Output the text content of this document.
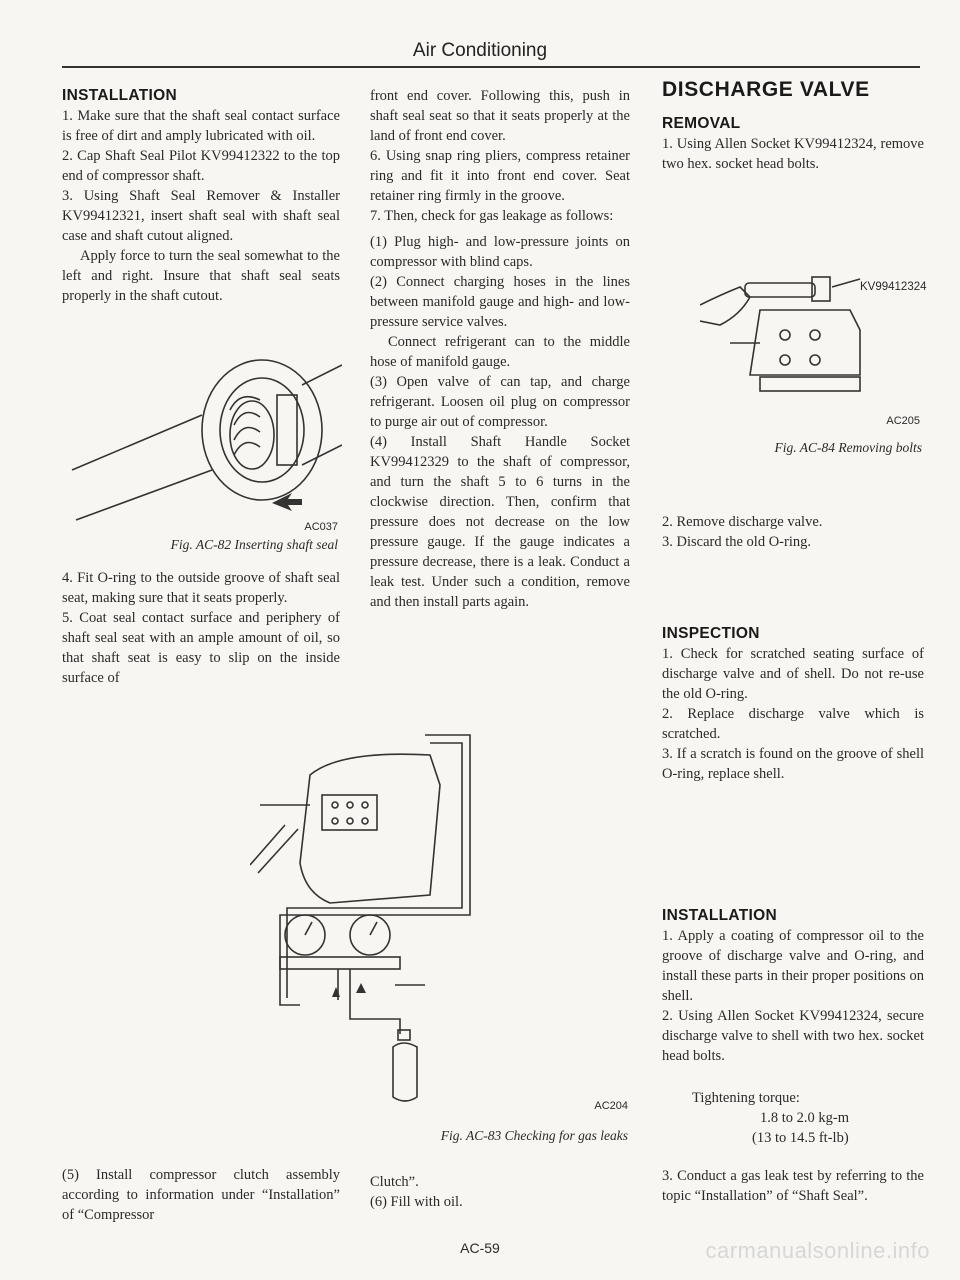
Air Conditioning

INSTALLATION

1. Make sure that the shaft seal contact surface is free of dirt and amply lubricated with oil.

2. Cap Shaft Seal Pilot KV99412322 to the top end of compressor shaft.

3. Using Shaft Seal Remover & Installer KV99412321, insert shaft seal with shaft seal case and shaft cutout aligned.

Apply force to turn the seal somewhat to the left and right. Insure that shaft seal seats properly in the shaft cutout.

AC037
Fig. AC-82 Inserting shaft seal

4. Fit O-ring to the outside groove of shaft seal seat, making sure that it seats properly.

5. Coat seal contact surface and periphery of shaft seal seat with an ample amount of oil, so that shaft seat is easy to slip on the inside surface of

(5) Install compressor clutch assembly according to information under “Installation” of “Compressor

front end cover. Following this, push in shaft seal seat so that it seats properly at the land of front end cover.

6. Using snap ring pliers, compress retainer ring and fit it into front end cover. Seat retainer ring firmly in the groove.

7. Then, check for gas leakage as follows:

(1) Plug high- and low-pressure joints on compressor with blind caps.

(2) Connect charging hoses in the lines between manifold gauge and high- and low-pressure service valves.

Connect refrigerant can to the middle hose of manifold gauge.

(3) Open valve of can tap, and charge refrigerant. Loosen oil plug on compressor to purge air out of compressor.

(4) Install Shaft Handle Socket KV99412329 to the shaft of compressor, and turn the shaft 5 to 6 turns in the clockwise direction. Then, confirm that pressure does not decrease on the low pressure gauge. If the gauge indicates a pressure decrease, there is a leak. Conduct a leak test. Under such a condition, remove and then install parts again.

AC204
Fig. AC-83 Checking for gas leaks

Clutch”.

(6) Fill with oil.

DISCHARGE VALVE

REMOVAL

1. Using Allen Socket KV99412324, remove two hex. socket head bolts.

KV99412324
AC205
Fig. AC-84 Removing bolts

2. Remove discharge valve.

3. Discard the old O-ring.

INSPECTION

1. Check for scratched seating surface of discharge valve and of shell. Do not re-use the old O-ring.

2. Replace discharge valve which is scratched.

3. If a scratch is found on the groove of shell O-ring, replace shell.

INSTALLATION

1. Apply a coating of compressor oil to the groove of discharge valve and O-ring, and install these parts in their proper positions on shell.

2. Using Allen Socket KV99412324, secure discharge valve to shell with two hex. socket head bolts.

Tightening torque:

1.8 to 2.0 kg-m

(13 to 14.5 ft-lb)

3. Conduct a gas leak test by referring to the topic “Installation” of “Shaft Seal”.

AC-59	carmanualsonline.info
